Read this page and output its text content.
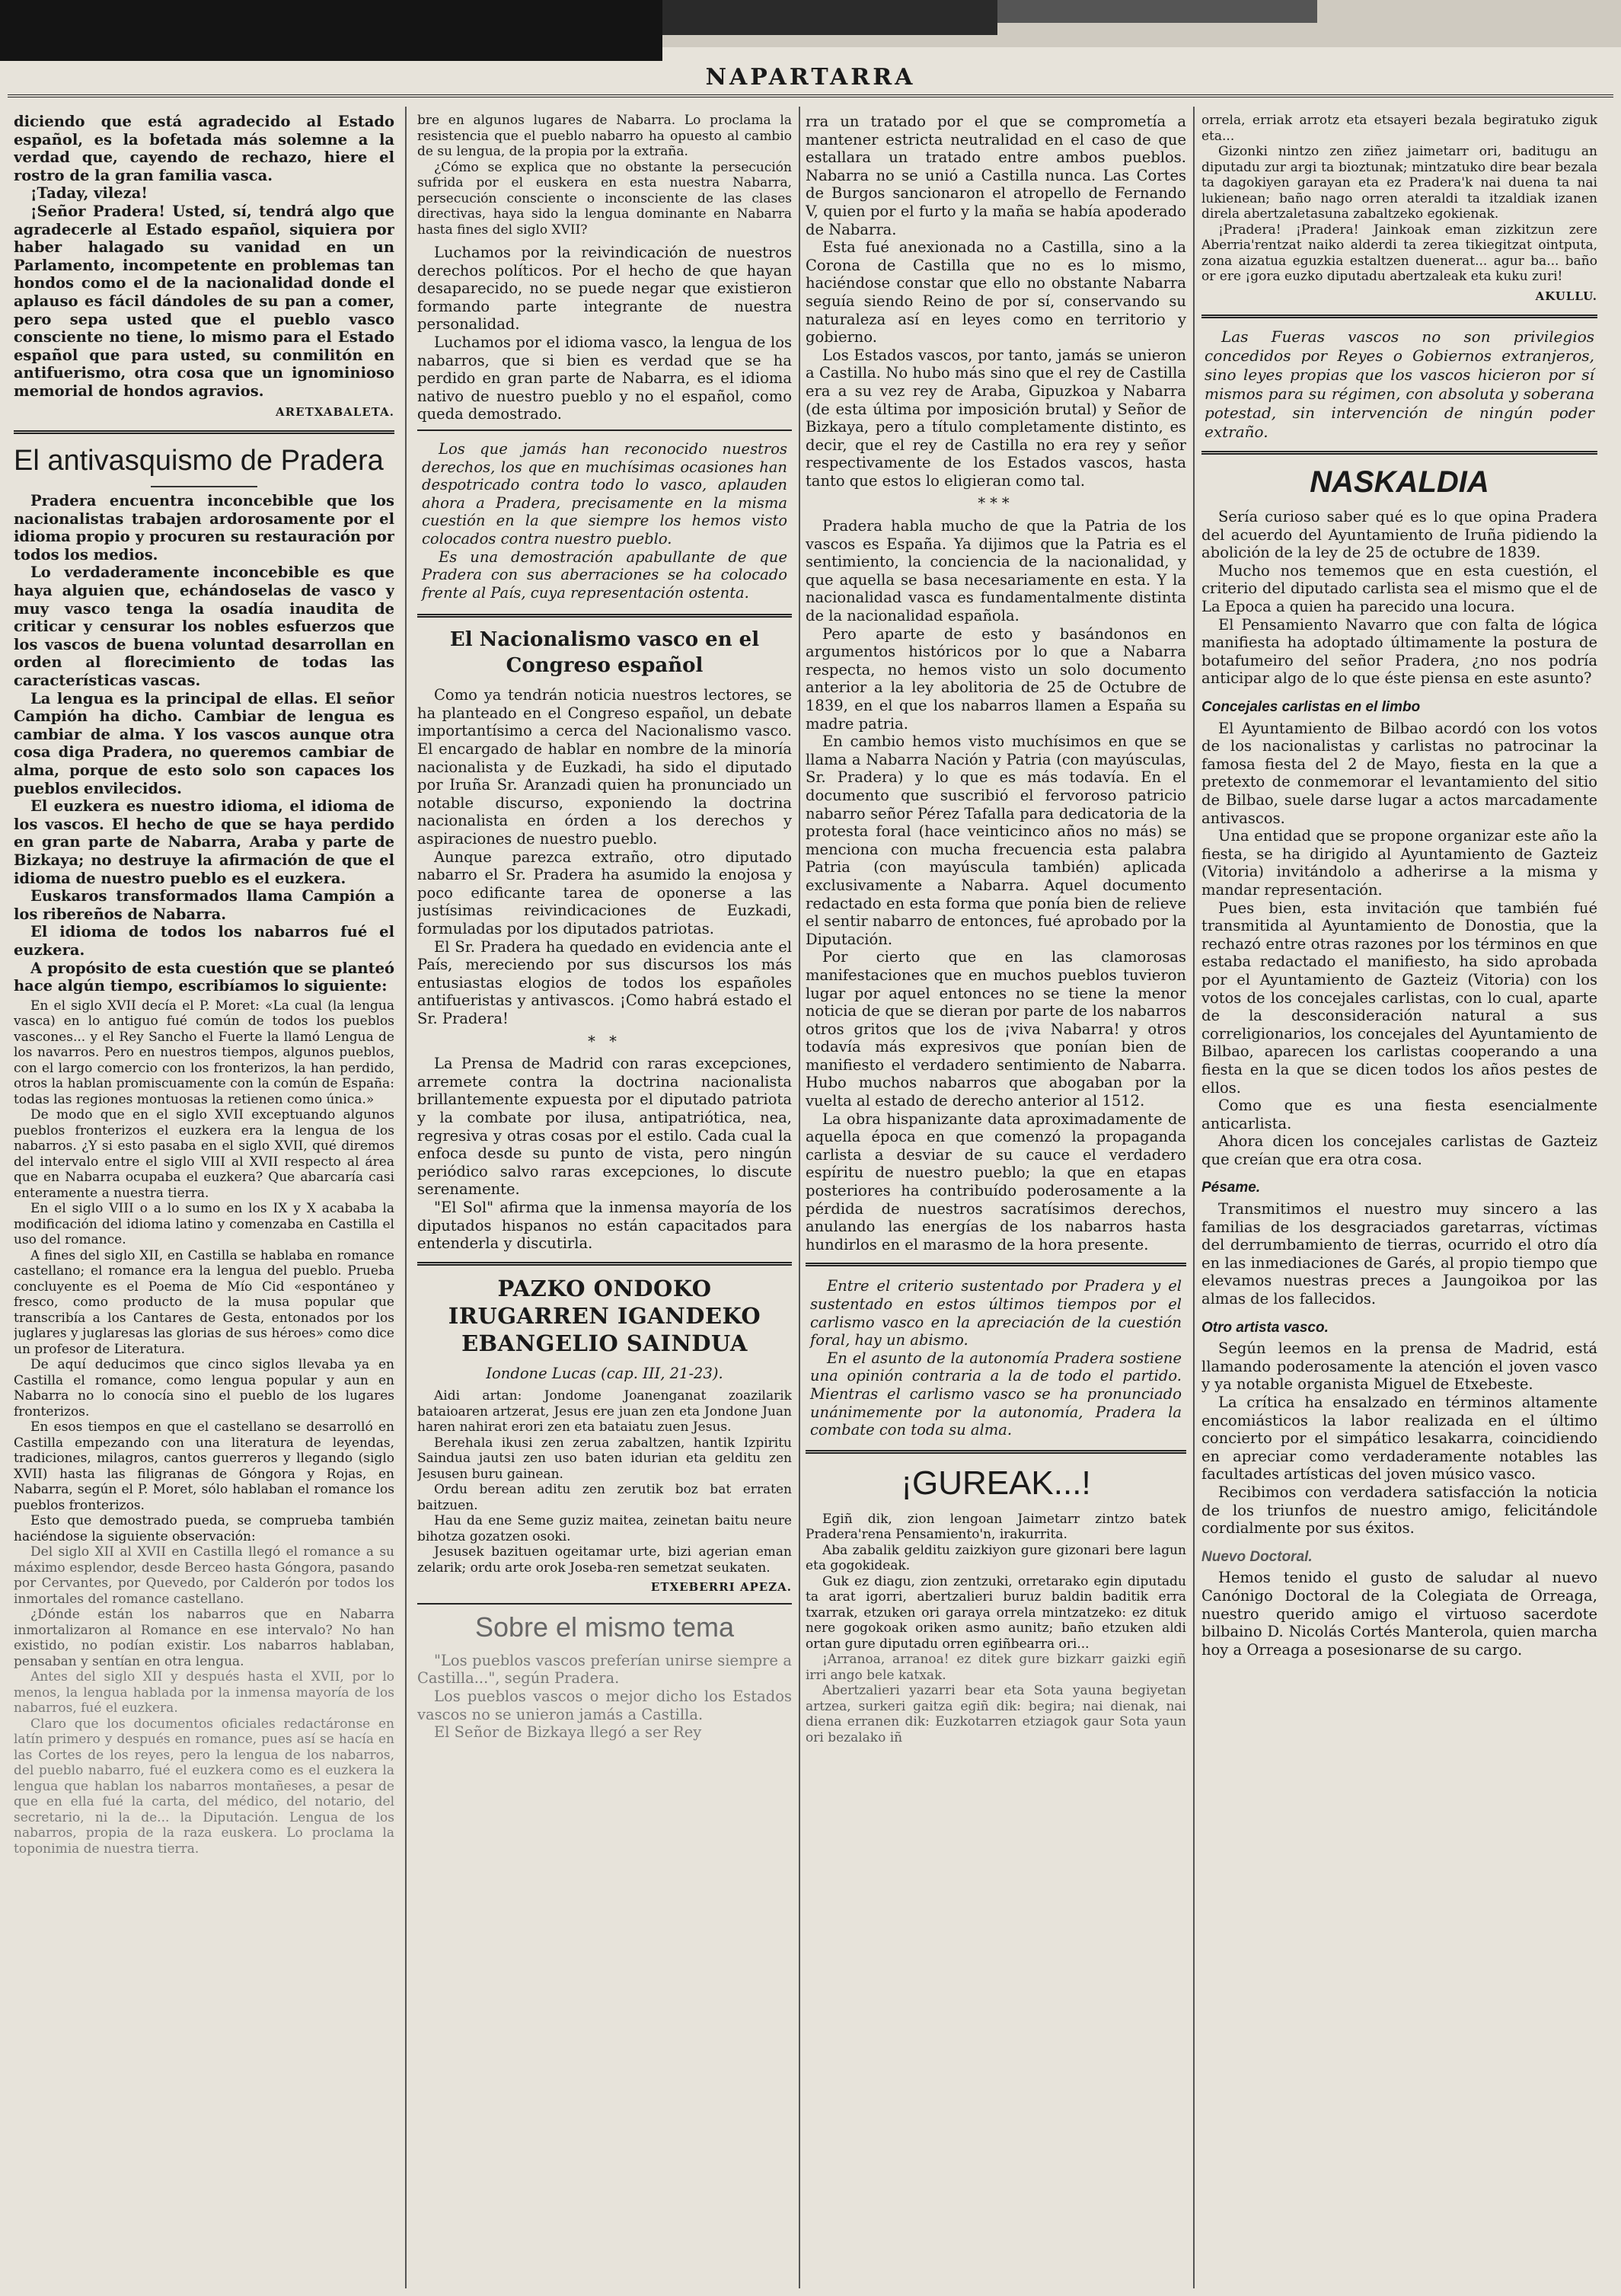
NAPARTARRA

diciendo que está agradecido al Estado español, es la bofetada más solemne a la verdad que, cayendo de rechazo, hiere el rostro de la gran familia vasca.

¡Taday, vileza!

¡Señor Pradera! Usted, sí, tendrá algo que agradecerle al Estado español, siquiera por haber halagado su vanidad en un Parlamento, incompetente en problemas tan hondos como el de la nacionalidad donde el aplauso es fácil dándoles de su pan a comer, pero sepa usted que el pueblo vasco consciente no tiene, lo mismo para el Estado español que para usted, su conmilitón en antifuerismo, otra cosa que un ignominioso memorial de hondos agravios.

ARETXABALETA.
El antivasquismo de Pradera

Pradera encuentra inconcebible que los nacionalistas trabajen ardorosamente por el idioma propio y procuren su restauración por todos los medios.

Lo verdaderamente inconcebible es que haya alguien que, echándoselas de vasco y muy vasco tenga la osadía inaudita de criticar y censurar los nobles esfuerzos que los vascos de buena voluntad desarrollan en orden al florecimiento de todas las características vascas.

La lengua es la principal de ellas. El señor Campión ha dicho. Cambiar de lengua es cambiar de alma. Y los vascos aunque otra cosa diga Pradera, no queremos cambiar de alma, porque de esto solo son capaces los pueblos envilecidos.

El euzkera es nuestro idioma, el idioma de los vascos. El hecho de que se haya perdido en gran parte de Nabarra, Araba y parte de Bizkaya; no destruye la afirmación de que el idioma de nuestro pueblo es el euzkera.

Euskaros transformados llama Campión a los ribereños de Nabarra.

El idioma de todos los nabarros fué el euzkera.

A propósito de esta cuestión que se planteó hace algún tiempo, escribíamos lo siguiente:

En el siglo XVII decía el P. Moret: «La cual (la lengua vasca) en lo antiguo fué común de todos los pueblos vascones... y el Rey Sancho el Fuerte la llamó Lengua de los navarros. Pero en nuestros tiempos, algunos pueblos, con el largo comercio con los fronterizos, la han perdido, otros la hablan promiscuamente con la común de España: todas las regiones montuosas la retienen como única.»

De modo que en el siglo XVII exceptuando algunos pueblos fronterizos el euzkera era la lengua de los nabarros. ¿Y si esto pasaba en el siglo XVII, qué diremos del intervalo entre el siglo VIII al XVII respecto al área que en Nabarra ocupaba el euzkera? Que abarcaría casi enteramente a nuestra tierra.

En el siglo VIII o a lo sumo en los IX y X acababa la modificación del idioma latino y comenzaba en Castilla el uso del romance.

A fines del siglo XII, en Castilla se hablaba en romance castellano; el romance era la lengua del pueblo. Prueba concluyente es el Poema de Mío Cid «espontáneo y fresco, como producto de la musa popular que transcribía a los Cantares de Gesta, entonados por los juglares y juglaresas las glorias de sus héroes» como dice un profesor de Literatura.

De aquí deducimos que cinco siglos llevaba ya en Castilla el romance, como lengua popular y aun en Nabarra no lo conocía sino el pueblo de los lugares fronterizos.

En esos tiempos en que el castellano se desarrolló en Castilla empezando con una literatura de leyendas, tradiciones, milagros, cantos guerreros y llegando (siglo XVII) hasta las filigranas de Góngora y Rojas, en Nabarra, según el P. Moret, sólo hablaban el romance los pueblos fronterizos.

Esto que demostrado pueda, se comprueba también haciéndose la siguiente observación:

Del siglo XII al XVII en Castilla llegó el romance a su máximo esplendor, desde Berceo hasta Góngora, pasando por Cervantes, por Quevedo, por Calderón por todos los inmortales del romance castellano.

¿Dónde están los nabarros que en Nabarra inmortalizaron al Romance en ese intervalo? No han existido, no podían existir. Los nabarros hablaban, pensaban y sentían en otra lengua.

Antes del siglo XII y después hasta el XVII, por lo menos, la lengua hablada por la inmensa mayoría de los nabarros, fué el euzkera.

Claro que los documentos oficiales redactáronse en latín primero y después en romance, pues así se hacía en las Cortes de los reyes, pero la lengua de los nabarros, del pueblo nabarro, fué el euzkera como es el euzkera la lengua que hablan los nabarros montañeses, a pesar de que en ella fué la carta, del médico, del notario, del secretario, ni la de... la Diputación. Lengua de los nabarros, propia de la raza euskera. Lo proclama la toponimia de nuestra tierra.

bre en algunos lugares de Nabarra. Lo proclama la resistencia que el pueblo nabarro ha opuesto al cambio de su lengua, de la propia por la extraña.

¿Cómo se explica que no obstante la persecución sufrida por el euskera en esta nuestra Nabarra, persecución consciente o inconsciente de las clases directivas, haya sido la lengua dominante en Nabarra hasta fines del siglo XVII?

Luchamos por la reivindicación de nuestros derechos políticos. Por el hecho de que hayan desaparecido, no se puede negar que existieron formando parte integrante de nuestra personalidad.

Luchamos por el idioma vasco, la lengua de los nabarros, que si bien es verdad que se ha perdido en gran parte de Nabarra, es el idioma nativo de nuestro pueblo y no el español, como queda demostrado.

Los que jamás han reconocido nuestros derechos, los que en muchísimas ocasiones han despotricado contra todo lo vasco, aplauden ahora a Pradera, precisamente en la misma cuestión en la que siempre los hemos visto colocados contra nuestro pueblo.

Es una demostración apabullante de que Pradera con sus aberraciones se ha colocado frente al País, cuya representación ostenta.

El Nacionalismo vasco en el Congreso español

Como ya tendrán noticia nuestros lectores, se ha planteado en el Congreso español, un debate importantísimo a cerca del Nacionalismo vasco. El encargado de hablar en nombre de la minoría nacionalista y de Euzkadi, ha sido el diputado por Iruña Sr. Aranzadi quien ha pronunciado un notable discurso, exponiendo la doctrina nacionalista en órden a los derechos y aspiraciones de nuestro pueblo.

Aunque parezca extraño, otro diputado nabarro el Sr. Pradera ha asumido la enojosa y poco edificante tarea de oponerse a las justísimas reivindicaciones de Euzkadi, formuladas por los diputados patriotas.

El Sr. Pradera ha quedado en evidencia ante el País, mereciendo por sus discursos los más entusiastas elogios de todos los españoles antifueristas y antivascos. ¡Como habrá estado el Sr. Pradera!

* *

La Prensa de Madrid con raras excepciones, arremete contra la doctrina nacionalista brillantemente expuesta por el diputado patriota y la combate por ilusa, antipatriótica, nea, regresiva y otras cosas por el estilo. Cada cual la enfoca desde su punto de vista, pero ningún periódico salvo raras excepciones, lo discute serenamente.

"El Sol" afirma que la inmensa mayoría de los diputados hispanos no están capacitados para entenderla y discutirla.

PAZKO ONDOKO IRUGARREN IGANDEKO EBANGELIO SAINDUA

Iondone Lucas (cap. III, 21-23).

Aidi artan: Jondome Joanenganat zoazilarik bataioaren artzerat, Jesus ere juan zen eta Jondone Juan haren nahirat erori zen eta bataiatu zuen Jesus.

Berehala ikusi zen zerua zabaltzen, hantik Izpiritu Saindua jautsi zen uso baten idurian eta gelditu zen Jesusen buru gainean.

Ordu berean aditu zen zerutik boz bat erraten baitzuen.

Hau da ene Seme guziz maitea, zeinetan baitu neure bihotza gozatzen osoki.

Jesusek bazituen ogeitamar urte, bizi agerian eman zelarik; ordu arte orok Joseba-ren semetzat seukaten.

ETXEBERRI APEZA.
Sobre el mismo tema

"Los pueblos vascos preferían unirse siempre a Castilla...", según Pradera.

Los pueblos vascos o mejor dicho los Estados vascos no se unieron jamás a Castilla.

El Señor de Bizkaya llegó a ser Rey

rra un tratado por el que se comprometía a mantener estricta neutralidad en el caso de que estallara un tratado entre ambos pueblos. Nabarra no se unió a Castilla nunca. Las Cortes de Burgos sancionaron el atropello de Fernando V, quien por el furto y la maña se había apoderado de Nabarra.

Esta fué anexionada no a Castilla, sino a la Corona de Castilla que no es lo mismo, haciéndose constar que ello no obstante Nabarra seguía siendo Reino de por sí, conservando su naturaleza así en leyes como en territorio y gobierno.

Los Estados vascos, por tanto, jamás se unieron a Castilla. No hubo más sino que el rey de Castilla era a su vez rey de Araba, Gipuzkoa y Nabarra (de esta última por imposición brutal) y Señor de Bizkaya, pero a título completamente distinto, es decir, que el rey de Castilla no era rey y señor respectivamente de los Estados vascos, hasta tanto que estos lo eligieran como tal.

***

Pradera habla mucho de que la Patria de los vascos es España. Ya dijimos que la Patria es el sentimiento, la conciencia de la nacionalidad, y que aquella se basa necesariamente en esta. Y la nacionalidad vasca es fundamentalmente distinta de la nacionalidad española.

Pero aparte de esto y basándonos en argumentos históricos por lo que a Nabarra respecta, no hemos visto un solo documento anterior a la ley abolitoria de 25 de Octubre de 1839, en el que los nabarros llamen a España su madre patria.

En cambio hemos visto muchísimos en que se llama a Nabarra Nación y Patria (con mayúsculas, Sr. Pradera) y lo que es más todavía. En el documento que suscribió el fervoroso patricio nabarro señor Pérez Tafalla para dedicatoria de la protesta foral (hace veinticinco años no más) se menciona con mucha frecuencia esta palabra Patria (con mayúscula también) aplicada exclusivamente a Nabarra. Aquel documento redactado en esta forma que ponía bien de relieve el sentir nabarro de entonces, fué aprobado por la Diputación.

Por cierto que en las clamorosas manifestaciones que en muchos pueblos tuvieron lugar por aquel entonces no se tiene la menor noticia de que se dieran por parte de los nabarros otros gritos que los de ¡viva Nabarra! y otros todavía más expresivos que ponían bien de manifiesto el verdadero sentimiento de Nabarra. Hubo muchos nabarros que abogaban por la vuelta al estado de derecho anterior al 1512.

La obra hispanizante data aproximadamente de aquella época en que comenzó la propaganda carlista a desviar de su cauce el verdadero espíritu de nuestro pueblo; la que en etapas posteriores ha contribuído poderosamente a la pérdida de nuestros sacratísimos derechos, anulando las energías de los nabarros hasta hundirlos en el marasmo de la hora presente.

Entre el criterio sustentado por Pradera y el sustentado en estos últimos tiempos por el carlismo vasco en la apreciación de la cuestión foral, hay un abismo.

En el asunto de la autonomía Pradera sostiene una opinión contraria a la de todo el partido. Mientras el carlismo vasco se ha pronunciado unánimemente por la autonomía, Pradera la combate con toda su alma.

¡GUREAK...!

Egiñ dik, zion lengoan Jaimetarr zintzo batek Pradera'rena Pensamiento'n, irakurrita.

Aba zabalik gelditu zaizkiyon gure gizonari bere lagun eta gogokideak.

Guk ez diagu, zion zentzuki, orretarako egin diputadu ta arat igorri, abertzalieri buruz baldin baditik erra txarrak, etzuken ori garaya orrela mintzatzeko: ez dituk nere gogokoak oriken asmo aunitz; baño etzuken aldi ortan gure diputadu orren egiñbearra ori...

¡Arranoa, arranoa! ez ditek gure bizkarr gaizki egiñ irri ango bele katxak.

Abertzalieri yazarri bear eta Sota yauna begiyetan artzea, surkeri gaitza egiñ dik: begira; nai dienak, nai diena erranen dik: Euzkotarren etziagok gaur Sota yaun ori bezalako iñ

orrela, erriak arrotz eta etsayeri bezala begiratuko ziguk eta...

Gizonki nintzo zen ziñez jaimetarr ori, baditugu an diputadu zur argi ta bioztunak; mintzatuko dire bear bezala ta dagokiyen garayan eta ez Pradera'k nai duena ta nai lukienean; baño nago orren ateraldi ta itzaldiak izanen direla abertzaletasuna zabaltzeko egokienak.

¡Pradera! ¡Pradera! Jainkoak eman zizkitzun zere Aberria'rentzat naiko alderdi ta zerea tikiegitzat ointputa, zona aizatua eguzkia estaltzen duenerat... agur ba... baño or ere ¡gora euzko diputadu abertzaleak eta kuku zuri!

AKULLU.

Las Fueras vascos no son privilegios concedidos por Reyes o Gobiernos extranjeros, sino leyes propias que los vascos hicieron por sí mismos para su régimen, con absoluta y soberana potestad, sin intervención de ningún poder extraño.

NASKALDIA

Sería curioso saber qué es lo que opina Pradera del acuerdo del Ayuntamiento de Iruña pidiendo la abolición de la ley de 25 de octubre de 1839.

Mucho nos tememos que en esta cuestión, el criterio del diputado carlista sea el mismo que el de La Epoca a quien ha parecido una locura.

El Pensamiento Navarro que con falta de lógica manifiesta ha adoptado últimamente la postura de botafumeiro del señor Pradera, ¿no nos podría anticipar algo de lo que éste piensa en este asunto?

Concejales carlistas en el limbo

El Ayuntamiento de Bilbao acordó con los votos de los nacionalistas y carlistas no patrocinar la famosa fiesta del 2 de Mayo, fiesta en la que a pretexto de conmemorar el levantamiento del sitio de Bilbao, suele darse lugar a actos marcadamente antivascos.

Una entidad que se propone organizar este año la fiesta, se ha dirigido al Ayuntamiento de Gazteiz (Vitoria) invitándolo a adherirse a la misma y mandar representación.

Pues bien, esta invitación que también fué transmitida al Ayuntamiento de Donostia, que la rechazó entre otras razones por los términos en que estaba redactado el manifiesto, ha sido aprobada por el Ayuntamiento de Gazteiz (Vitoria) con los votos de los concejales carlistas, con lo cual, aparte de la desconsideración natural a sus correligionarios, los concejales del Ayuntamiento de Bilbao, aparecen los carlistas cooperando a una fiesta en la que se dicen todos los años pestes de ellos.

Como que es una fiesta esencialmente anticarlista.

Ahora dicen los concejales carlistas de Gazteiz que creían que era otra cosa.

Pésame.

Transmitimos el nuestro muy sincero a las familias de los desgraciados garetarras, víctimas del derrumbamiento de tierras, ocurrido el otro día en las inmediaciones de Garés, al propio tiempo que elevamos nuestras preces a Jaungoikoa por las almas de los fallecidos.

Otro artista vasco.

Según leemos en la prensa de Madrid, está llamando poderosamente la atención el joven vasco y ya notable organista Miguel de Etxebeste.

La crítica ha ensalzado en términos altamente encomiásticos la labor realizada en el último concierto por el simpático lesakarra, coincidiendo en apreciar como verdaderamente notables las facultades artísticas del joven músico vasco.

Recibimos con verdadera satisfacción la noticia de los triunfos de nuestro amigo, felicitándole cordialmente por sus éxitos.

Nuevo Doctoral.

Hemos tenido el gusto de saludar al nuevo Canónigo Doctoral de la Colegiata de Orreaga, nuestro querido amigo el virtuoso sacerdote bilbaino D. Nicolás Cortés Manterola, quien marcha hoy a Orreaga a posesionarse de su cargo.
